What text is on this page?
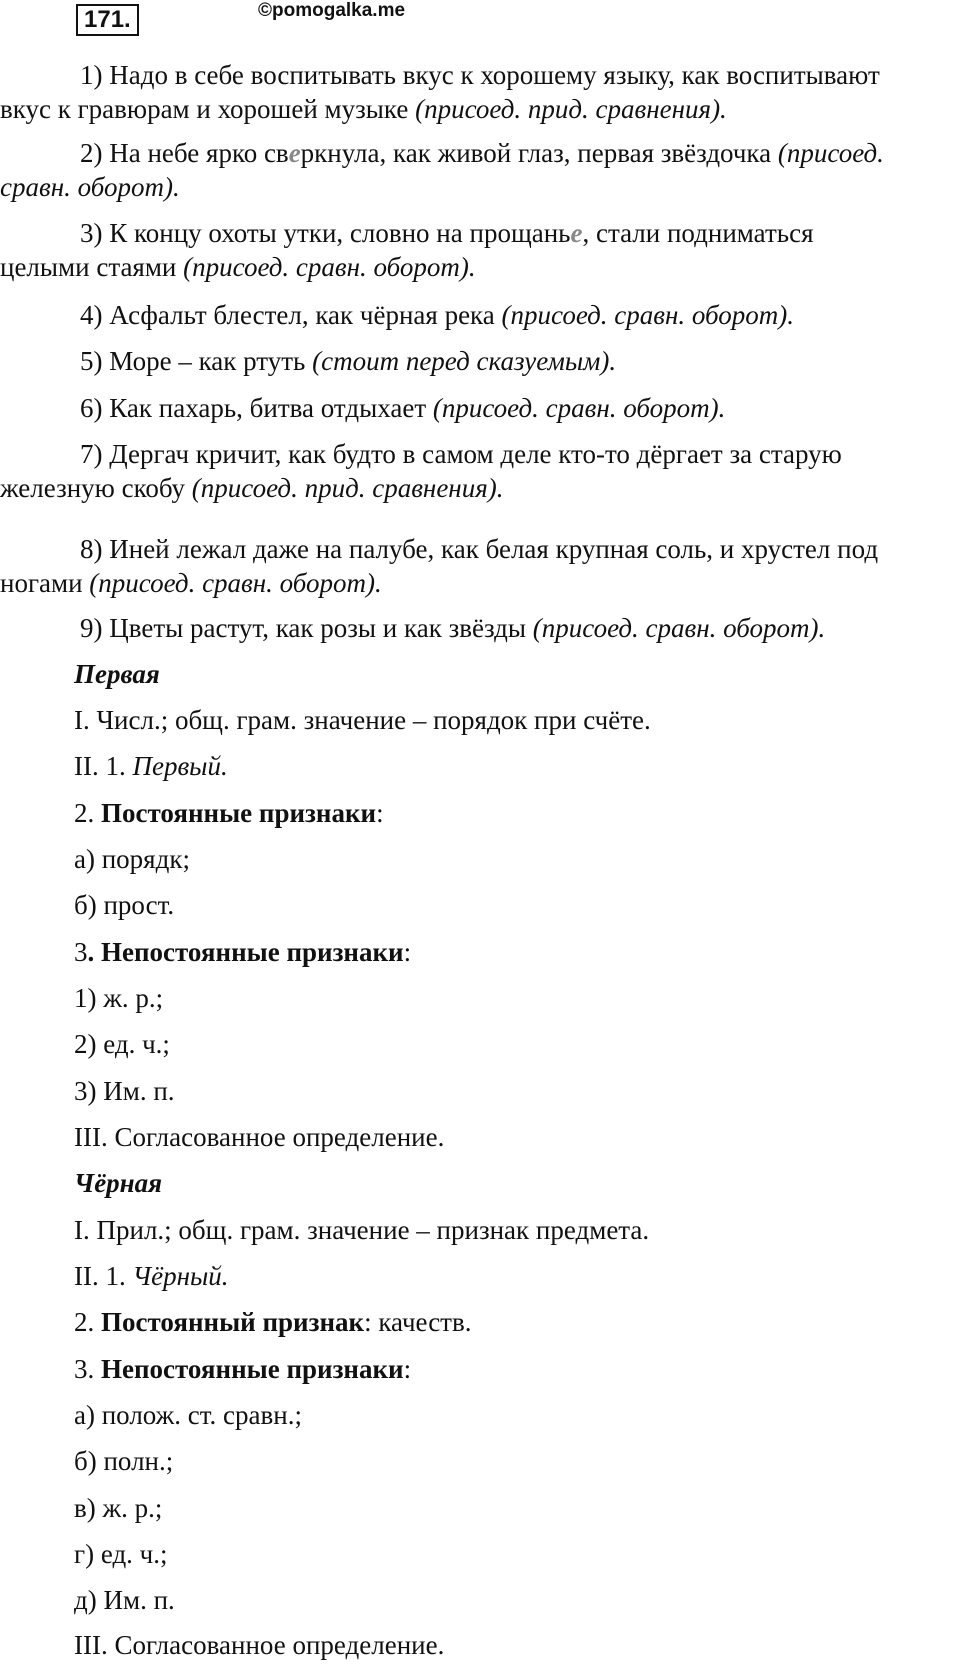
171.	©pomogalka.me
1) Надо в себе воспитывать вкус к хорошему языку, как воспитывают
вкус к гравюрам и хорошей музыке (присоед. прид. сравнения).
2) На небе ярко сверкнула, как живой глаз, первая звёздочка (присоед.
сравн. оборот).
3) К концу охоты утки, словно на прощанье, стали подниматься
целыми стаями (присоед. сравн. оборот).
4) Асфальт блестел, как чёрная река (присоед. сравн. оборот).
5) Море – как ртуть (стоит перед сказуемым).
6) Как пахарь, битва отдыхает (присоед. сравн. оборот).
7) Дергач кричит, как будто в самом деле кто-то дёргает за старую
железную скобу (присоед. прид. сравнения).
8) Иней лежал даже на палубе, как белая крупная соль, и хрустел под
ногами (присоед. сравн. оборот).
9) Цветы растут, как розы и как звёзды (присоед. сравн. оборот).
Первая
I. Числ.; общ. грам. значение – порядок при счёте.
II. 1. Первый.
2. Постоянные признаки:
а) порядк;
б) прост.
3. Непостоянные признаки:
1) ж. р.;
2) ед. ч.;
3) Им. п.
III. Согласованное определение.
Чёрная
I. Прил.; общ. грам. значение – признак предмета.
II. 1. Чёрный.
2. Постоянный признак: качеств.
3. Непостоянные признаки:
а) полож. ст. сравн.;
б) полн.;
в) ж. р.;
г) ед. ч.;
д) Им. п.
III. Согласованное определение.
